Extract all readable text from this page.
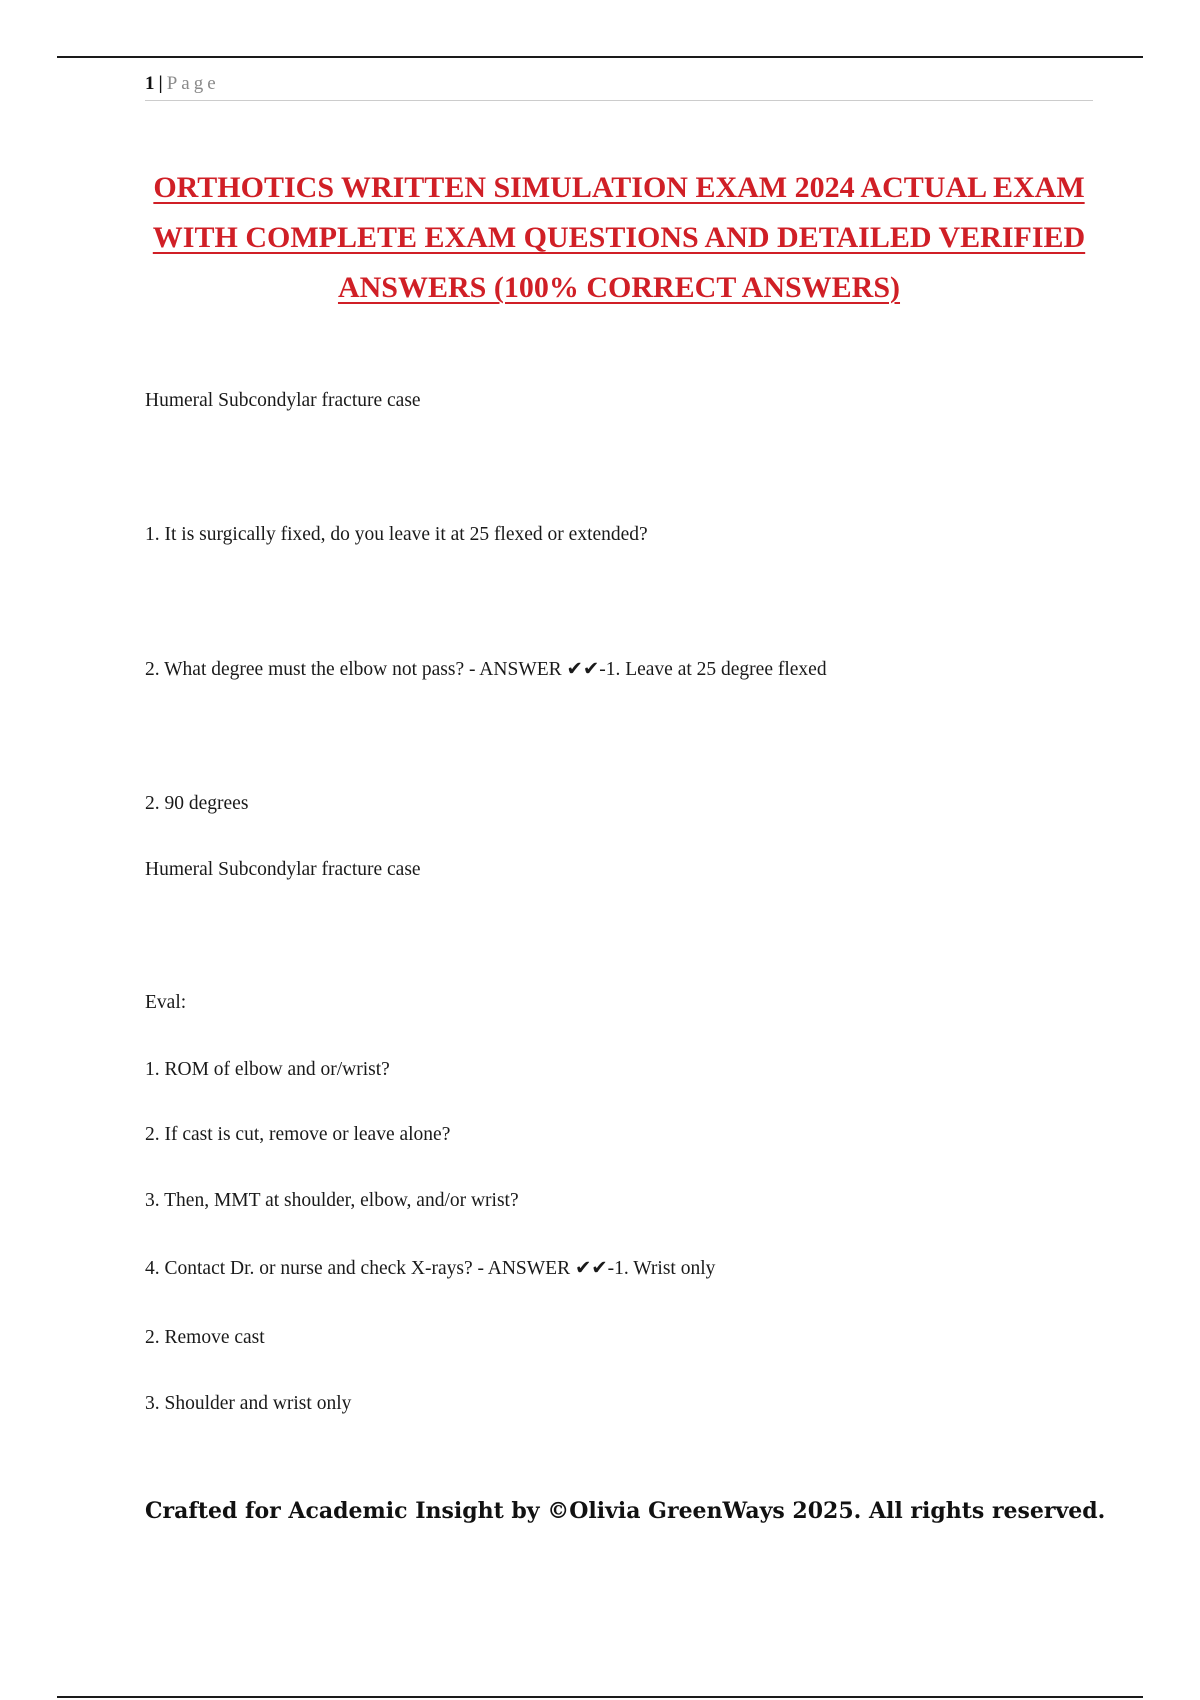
1 | Page
ORTHOTICS WRITTEN SIMULATION EXAM 2024 ACTUAL EXAM WITH COMPLETE EXAM QUESTIONS AND DETAILED VERIFIED ANSWERS (100% CORRECT ANSWERS)
Humeral Subcondylar fracture case
1. It is surgically fixed, do you leave it at 25 flexed or extended?
2. What degree must the elbow not pass? - ANSWER ✔✔-1. Leave at 25 degree flexed
2. 90 degrees
Humeral Subcondylar fracture case
Eval:
1. ROM of elbow and or/wrist?
2. If cast is cut, remove or leave alone?
3. Then, MMT at shoulder, elbow, and/or wrist?
4. Contact Dr. or nurse and check X-rays? - ANSWER ✔✔-1. Wrist only
2. Remove cast
3. Shoulder and wrist only
Crafted for Academic Insight by ©Olivia GreenWays 2025. All rights reserved.
